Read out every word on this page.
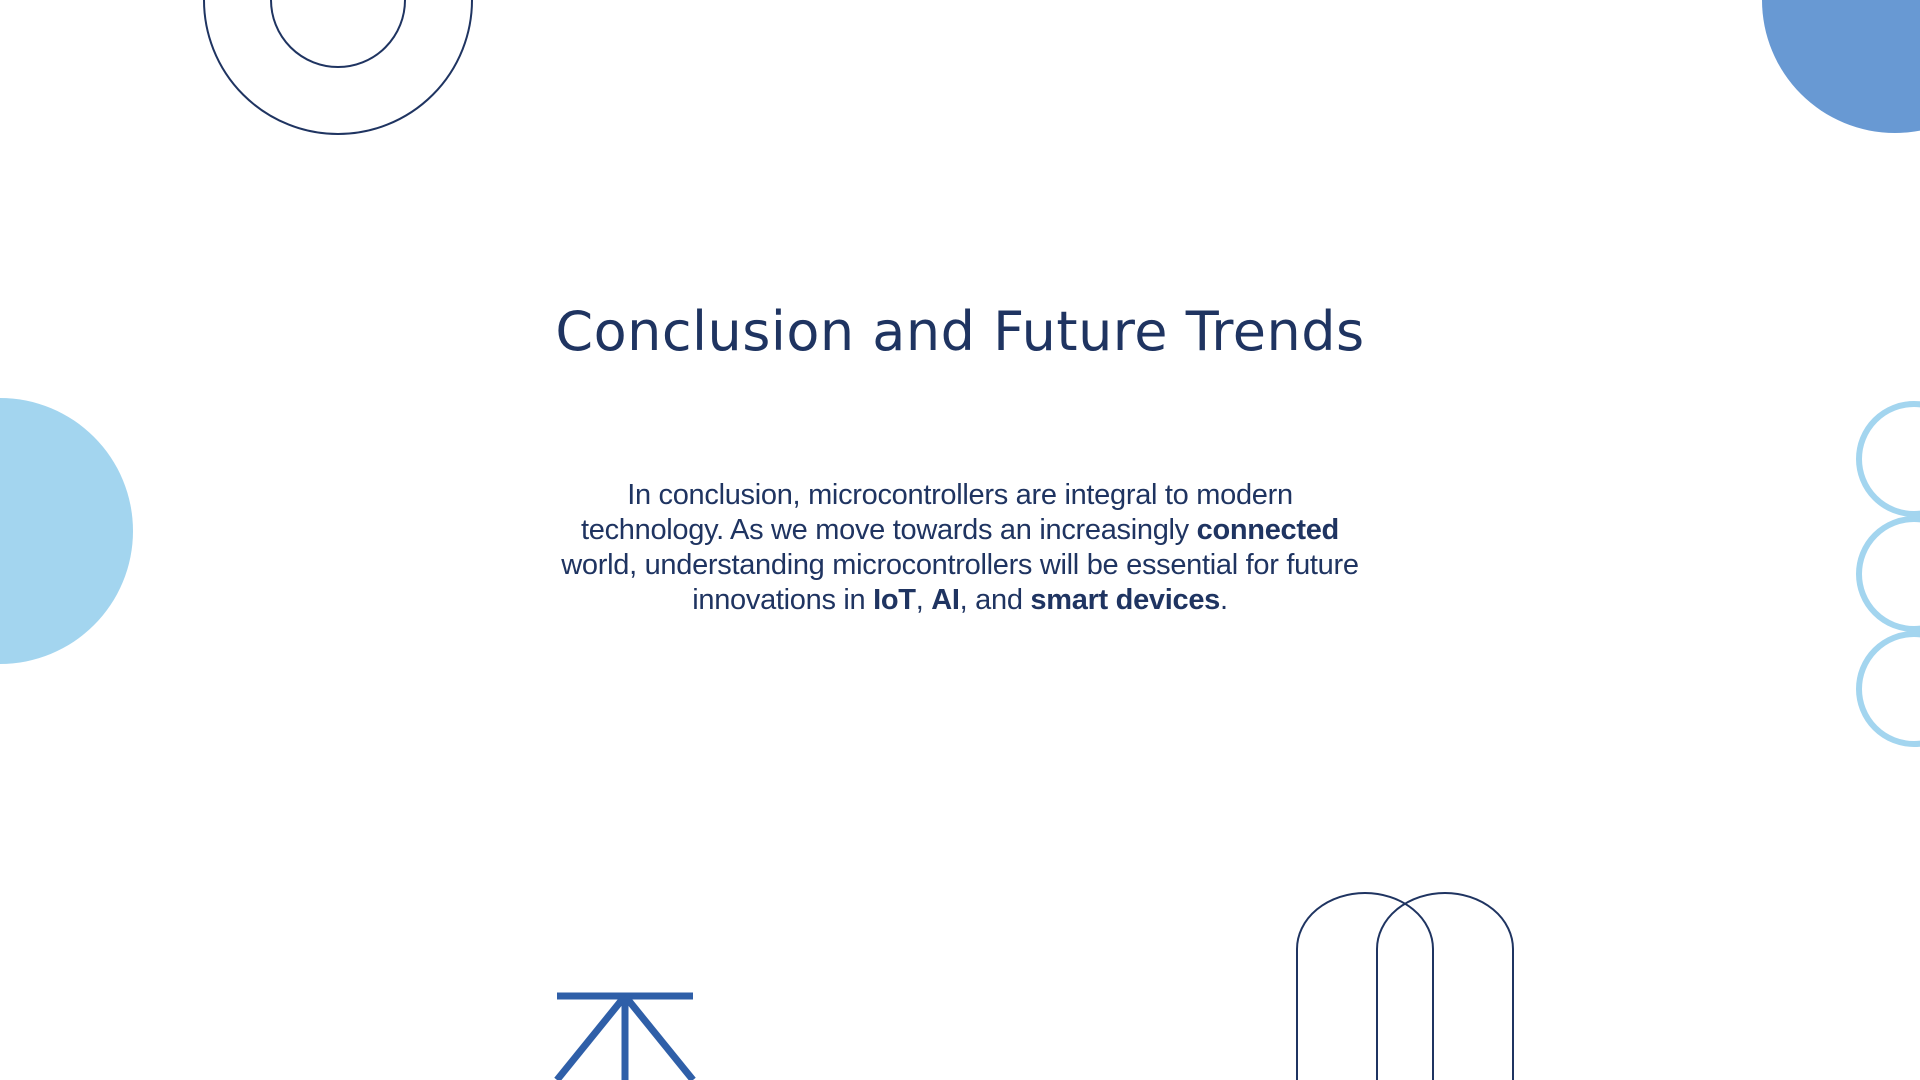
Conclusion and Future Trends

In conclusion, microcontrollers are integral to modern technology. As we move towards an increasingly connected world, understanding microcontrollers will be essential for future innovations in IoT, AI, and smart devices.
